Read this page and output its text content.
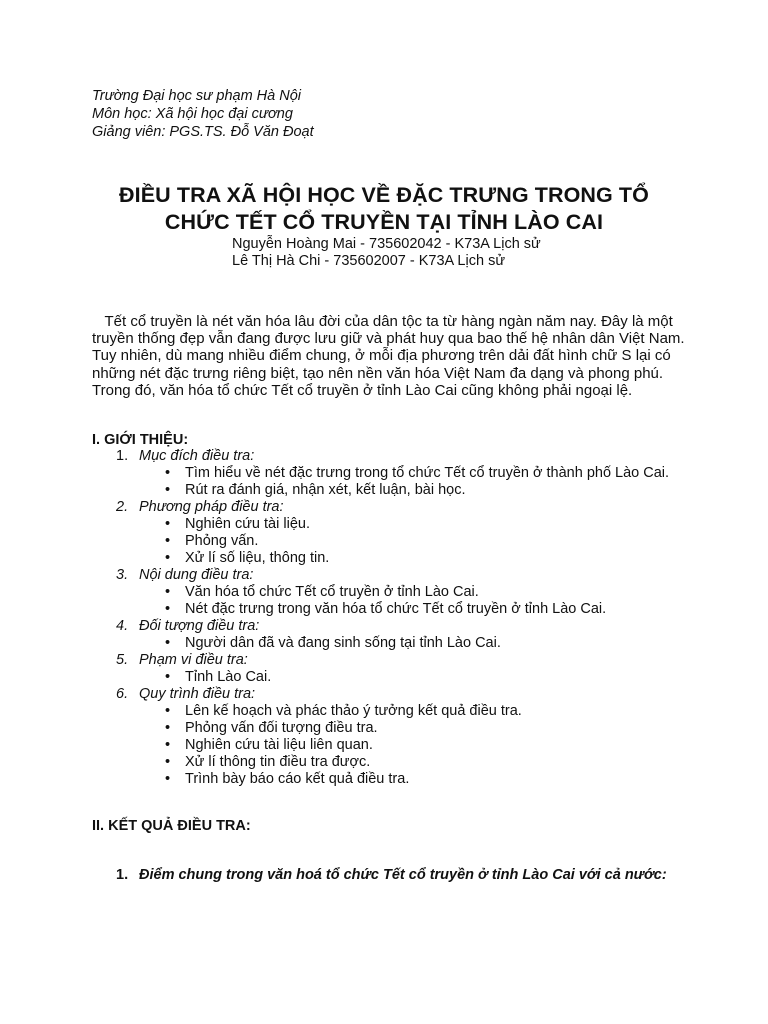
Trường Đại học sư phạm Hà Nội
Môn học: Xã hội học đại cương
Giảng viên: PGS.TS. Đỗ Văn Đoạt
ĐIỀU TRA XÃ HỘI HỌC VỀ ĐẶC TRƯNG TRONG TỔ
CHỨC TẾT CỔ TRUYỀN TẠI TỈNH LÀO CAI
Nguyễn Hoàng Mai - 735602042 - K73A Lịch sử
Lê Thị Hà Chi - 735602007 - K73A Lịch sử
Tết cổ truyền là nét văn hóa lâu đời của dân tộc ta từ hàng ngàn năm nay. Đây là một truyền thống đẹp vẫn đang được lưu giữ và phát huy qua bao thế hệ nhân dân Việt Nam. Tuy nhiên, dù mang nhiều điểm chung, ở mỗi địa phương trên dải đất hình chữ S lại có những nét đặc trưng riêng biệt, tạo nên nền văn hóa Việt Nam đa dạng và phong phú. Trong đó, văn hóa tổ chức Tết cổ truyền ở tỉnh Lào Cai cũng không phải ngoại lệ.
I. GIỚI THIỆU:
1. Mục đích điều tra:
• Tìm hiểu về nét đặc trưng trong tổ chức Tết cổ truyền ở thành phố Lào Cai.
• Rút ra đánh giá, nhận xét, kết luận, bài học.
2. Phương pháp điều tra:
• Nghiên cứu tài liệu.
• Phỏng vấn.
• Xử lí số liệu, thông tin.
3. Nội dung điều tra:
• Văn hóa tổ chức Tết cổ truyền ở tỉnh Lào Cai.
• Nét đặc trưng trong văn hóa tổ chức Tết cổ truyền ở tỉnh Lào Cai.
4. Đối tượng điều tra:
• Người dân đã và đang sinh sống tại tỉnh Lào Cai.
5. Phạm vi điều tra:
• Tỉnh Lào Cai.
6. Quy trình điều tra:
• Lên kế hoạch và phác thảo ý tưởng kết quả điều tra.
• Phỏng vấn đối tượng điều tra.
• Nghiên cứu tài liệu liên quan.
• Xử lí thông tin điều tra được.
• Trình bày báo cáo kết quả điều tra.
II. KẾT QUẢ ĐIỀU TRA:
1. Điểm chung trong văn hoá tổ chức Tết cổ truyền ở tỉnh Lào Cai với cả nước:
